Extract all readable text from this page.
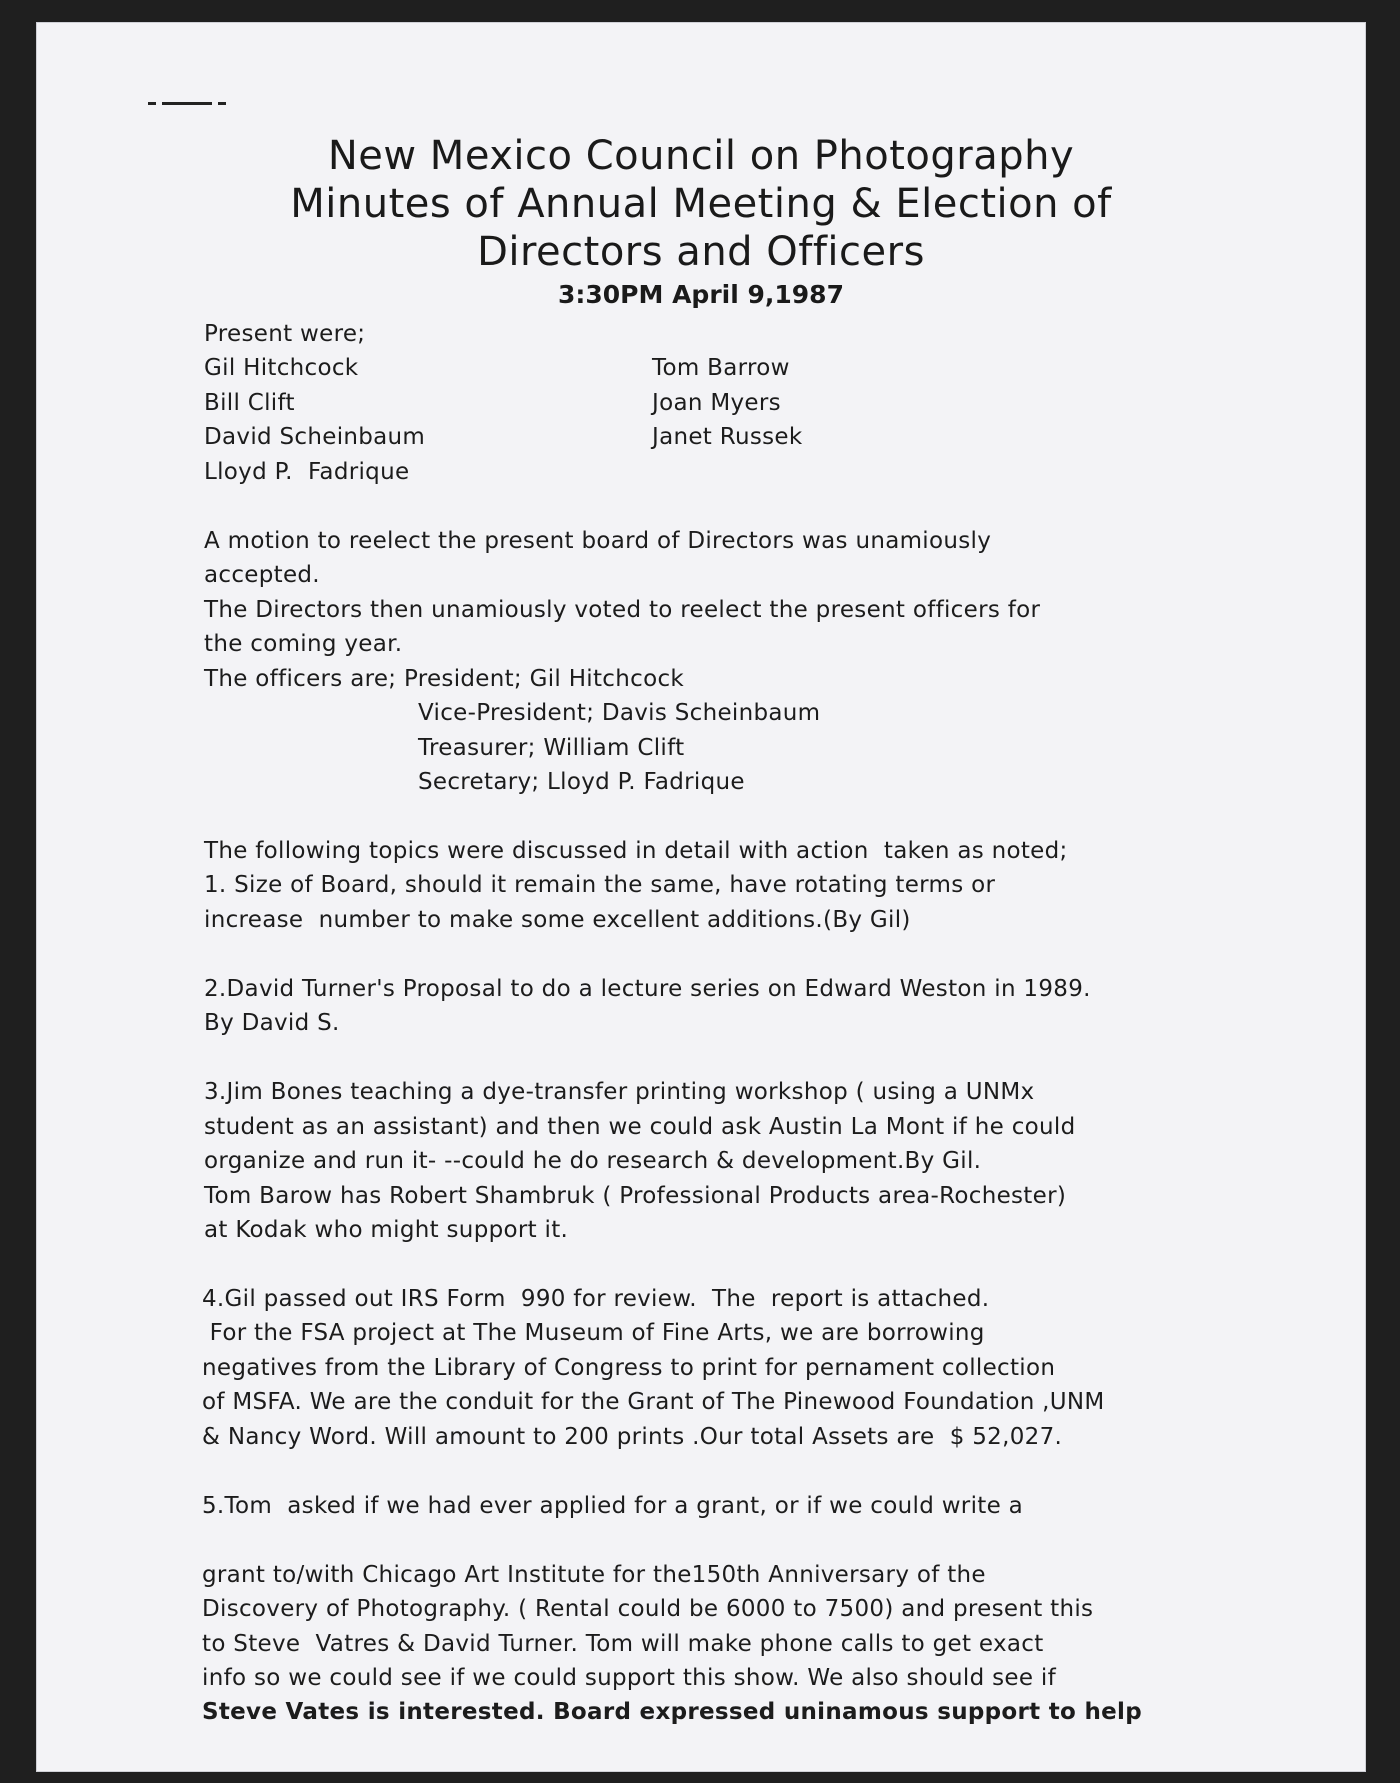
New Mexico Council on Photography
Minutes of Annual Meeting & Election of
Directors and Officers
3:30PM April 9,1987
Present were;
Gil Hitchcock
Bill Clift
David Scheinbaum
Lloyd P.  Fadrique
Tom Barrow
Joan Myers
Janet Russek
A motion to reelect the present board of Directors was unamiously
accepted.
The Directors then unamiously voted to reelect the present officers for
the coming year.
The officers are; President; Gil Hitchcock
Vice-President; Davis Scheinbaum
Treasurer; William Clift
Secretary; Lloyd P. Fadrique
The following topics were discussed in detail with action  taken as noted;
1. Size of Board, should it remain the same, have rotating terms or
increase  number to make some excellent additions.(By Gil)
2.David Turner's Proposal to do a lecture series on Edward Weston in 1989.
By David S.
3.Jim Bones teaching a dye-transfer printing workshop ( using a UNMx
student as an assistant) and then we could ask Austin La Mont if he could
organize and run it- --could he do research & development.By Gil.
Tom Barow has Robert Shambruk ( Professional Products area-Rochester)
at Kodak who might support it.
4.Gil passed out IRS Form  990 for review.  The  report is attached.
For the FSA project at The Museum of Fine Arts, we are borrowing
negatives from the Library of Congress to print for pernament collection
of MSFA. We are the conduit for the Grant of The Pinewood Foundation ,UNM
& Nancy Word. Will amount to 200 prints .Our total Assets are  $ 52,027.
5.Tom  asked if we had ever applied for a grant, or if we could write a
grant to/with Chicago Art Institute for the150th Anniversary of the
Discovery of Photography. ( Rental could be 6000 to 7500) and present this
to Steve  Vatres & David Turner. Tom will make phone calls to get exact
info so we could see if we could support this show. We also should see if
Steve Vates is interested. Board expressed uninamous support to help
